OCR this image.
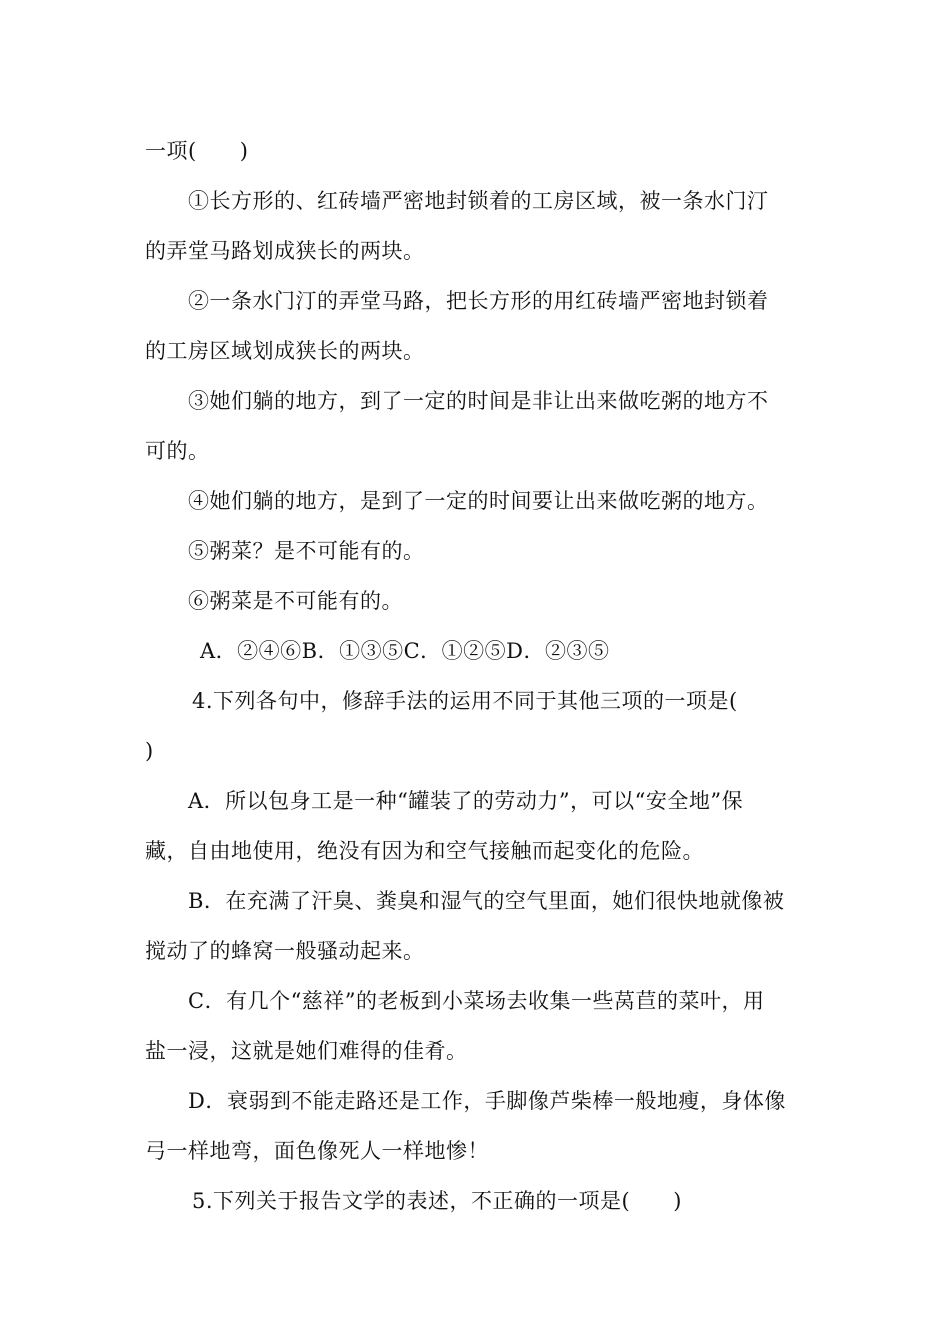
一项(　　)
①长方形的、红砖墙严密地封锁着的工房区域，被一条水门汀
的弄堂马路划成狭长的两块。
②一条水门汀的弄堂马路，把长方形的用红砖墙严密地封锁着
的工房区域划成狭长的两块。
③她们躺的地方，到了一定的时间是非让出来做吃粥的地方不
可的。
④她们躺的地方，是到了一定的时间要让出来做吃粥的地方。
⑤粥菜？是不可能有的。
⑥粥菜是不可能有的。
A．②④⑥B．①③⑤C．①②⑤D．②③⑤
4.下列各句中，修辞手法的运用不同于其他三项的一项是(
)
A．所以包身工是一种“罐装了的劳动力”，可以“安全地”保
藏，自由地使用，绝没有因为和空气接触而起变化的危险。
B．在充满了汗臭、粪臭和湿气的空气里面，她们很快地就像被
搅动了的蜂窝一般骚动起来。
C．有几个“慈祥”的老板到小菜场去收集一些莴苣的菜叶，用
盐一浸，这就是她们难得的佳肴。
D．衰弱到不能走路还是工作，手脚像芦柴棒一般地瘦，身体像
弓一样地弯，面色像死人一样地惨！
5.下列关于报告文学的表述，不正确的一项是(　　)
